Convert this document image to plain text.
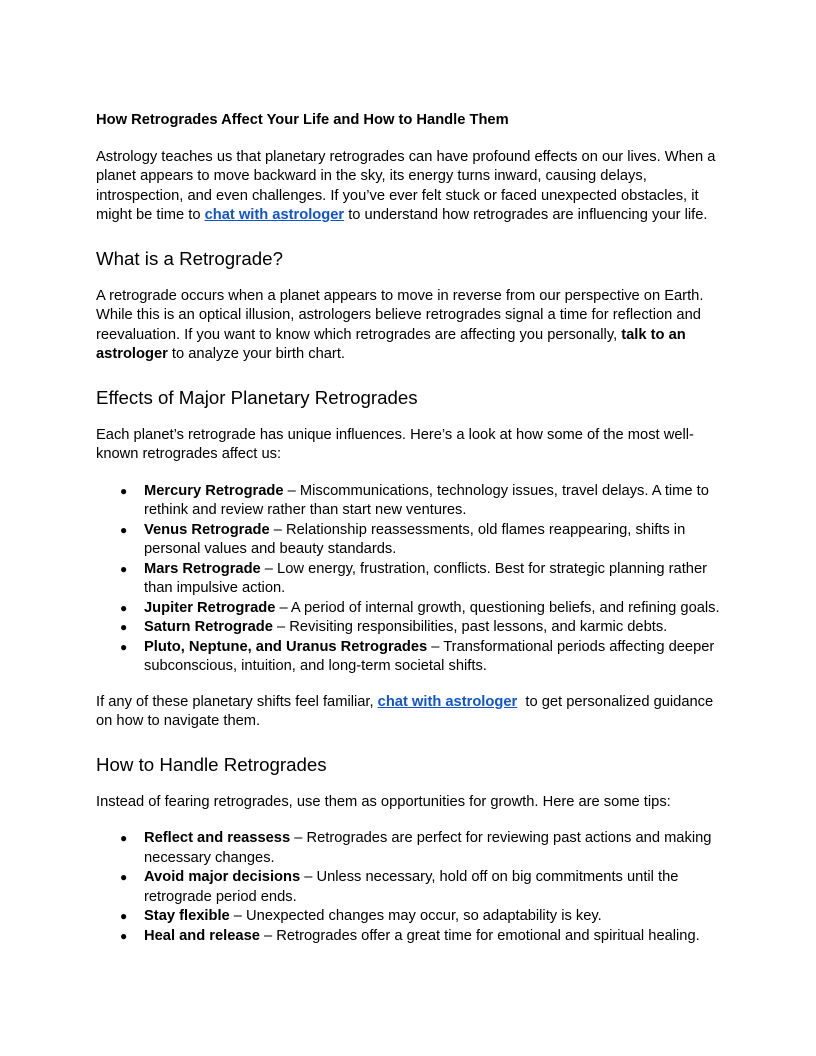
How Retrogrades Affect Your Life and How to Handle Them

Astrology teaches us that planetary retrogrades can have profound effects on our lives. When a planet appears to move backward in the sky, its energy turns inward, causing delays, introspection, and even challenges. If you’ve ever felt stuck or faced unexpected obstacles, it might be time to chat with astrologer to understand how retrogrades are influencing your life.

What is a Retrograde?

A retrograde occurs when a planet appears to move in reverse from our perspective on Earth. While this is an optical illusion, astrologers believe retrogrades signal a time for reflection and reevaluation. If you want to know which retrogrades are affecting you personally, talk to an astrologer to analyze your birth chart.

Effects of Major Planetary Retrogrades

Each planet’s retrograde has unique influences. Here’s a look at how some of the most well-known retrogrades affect us:

● Mercury Retrograde – Miscommunications, technology issues, travel delays. A time to rethink and review rather than start new ventures.
● Venus Retrograde – Relationship reassessments, old flames reappearing, shifts in personal values and beauty standards.
● Mars Retrograde – Low energy, frustration, conflicts. Best for strategic planning rather than impulsive action.
● Jupiter Retrograde – A period of internal growth, questioning beliefs, and refining goals.
● Saturn Retrograde – Revisiting responsibilities, past lessons, and karmic debts.
● Pluto, Neptune, and Uranus Retrogrades – Transformational periods affecting deeper subconscious, intuition, and long-term societal shifts.

If any of these planetary shifts feel familiar, chat with astrologer  to get personalized guidance on how to navigate them.

How to Handle Retrogrades

Instead of fearing retrogrades, use them as opportunities for growth. Here are some tips:

● Reflect and reassess – Retrogrades are perfect for reviewing past actions and making necessary changes.
● Avoid major decisions – Unless necessary, hold off on big commitments until the retrograde period ends.
● Stay flexible – Unexpected changes may occur, so adaptability is key.
● Heal and release – Retrogrades offer a great time for emotional and spiritual healing.
